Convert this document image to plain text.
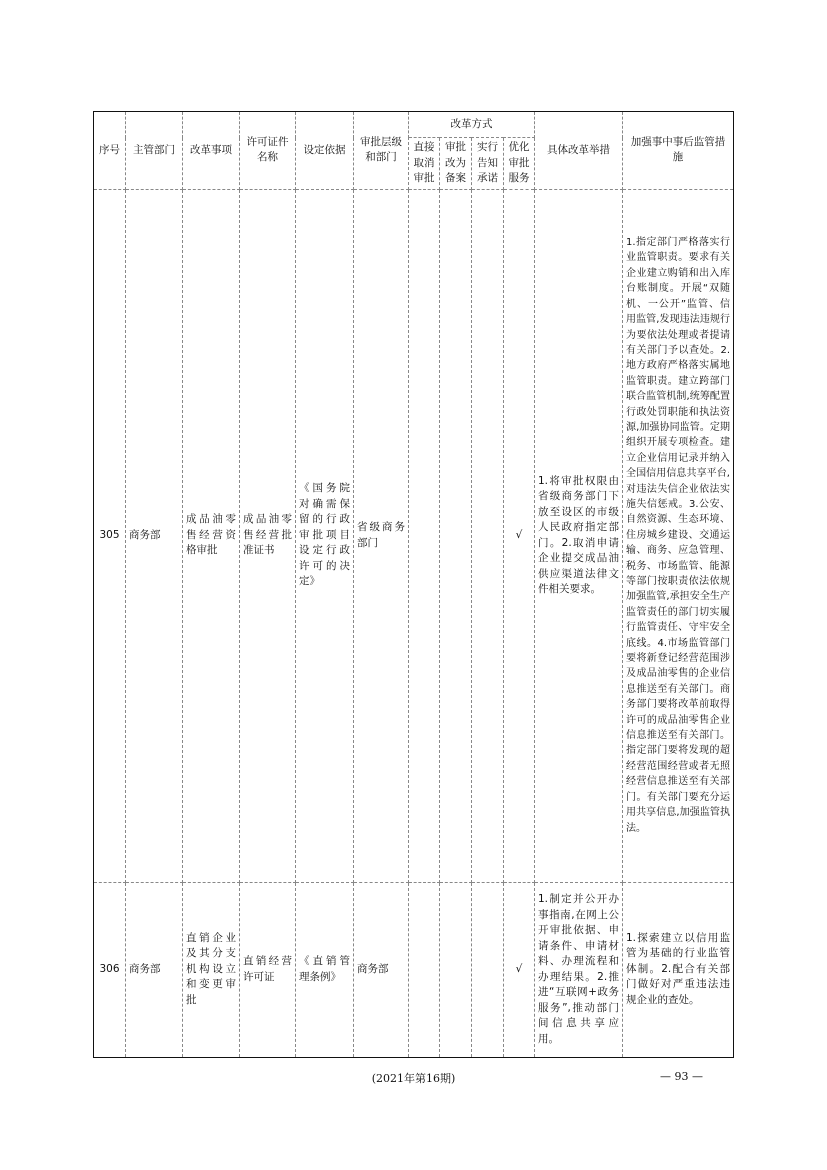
序号	主管部门	改革事项	许可证件名称	设定依据	审批层级和部门	改革方式				具体改革举措	加强事中事后监管措施
						直接取消审批	审批改为备案	实行告知承诺	优化审批服务		
305	商务部	成品油零售经营资格审批	成品油零售经营批准证书	《国务院对确需保留的行政审批项目设定行政许可的决定》	省级商务部门				√	1.将审批权限由省级商务部门下放至设区的市级人民政府指定部门。2.取消申请企业提交成品油供应渠道法律文件相关要求。	1.指定部门严格落实行业监管职责。要求有关企业建立购销和出入库台账制度。开展“双随机、一公开”监管、信用监管,发现违法违规行为要依法处理或者提请有关部门予以查处。2.地方政府严格落实属地监管职责。建立跨部门联合监管机制,统筹配置行政处罚职能和执法资源,加强协同监管。定期组织开展专项检查。建立企业信用记录并纳入全国信用信息共享平台,对违法失信企业依法实施失信惩戒。3.公安、自然资源、生态环境、住房城乡建设、交通运输、商务、应急管理、税务、市场监管、能源等部门按职责依法依规加强监管,承担安全生产监管责任的部门切实履行监管责任、守牢安全底线。4.市场监管部门要将新登记经营范围涉及成品油零售的企业信息推送至有关部门。商务部门要将改革前取得许可的成品油零售企业信息推送至有关部门。指定部门要将发现的超经营范围经营或者无照经营信息推送至有关部门。有关部门要充分运用共享信息,加强监管执法。
306	商务部	直销企业及其分支机构设立和变更审批	直销经营许可证	《直销管理条例》	商务部				√	1.制定并公开办事指南,在网上公开审批依据、申请条件、申请材料、办理流程和办理结果。2.推进“互联网+政务服务”,推动部门间信息共享应用。	1.探索建立以信用监管为基础的行业监管体制。2.配合有关部门做好对严重违法违规企业的查处。
(2021年第16期)	— 93 —
